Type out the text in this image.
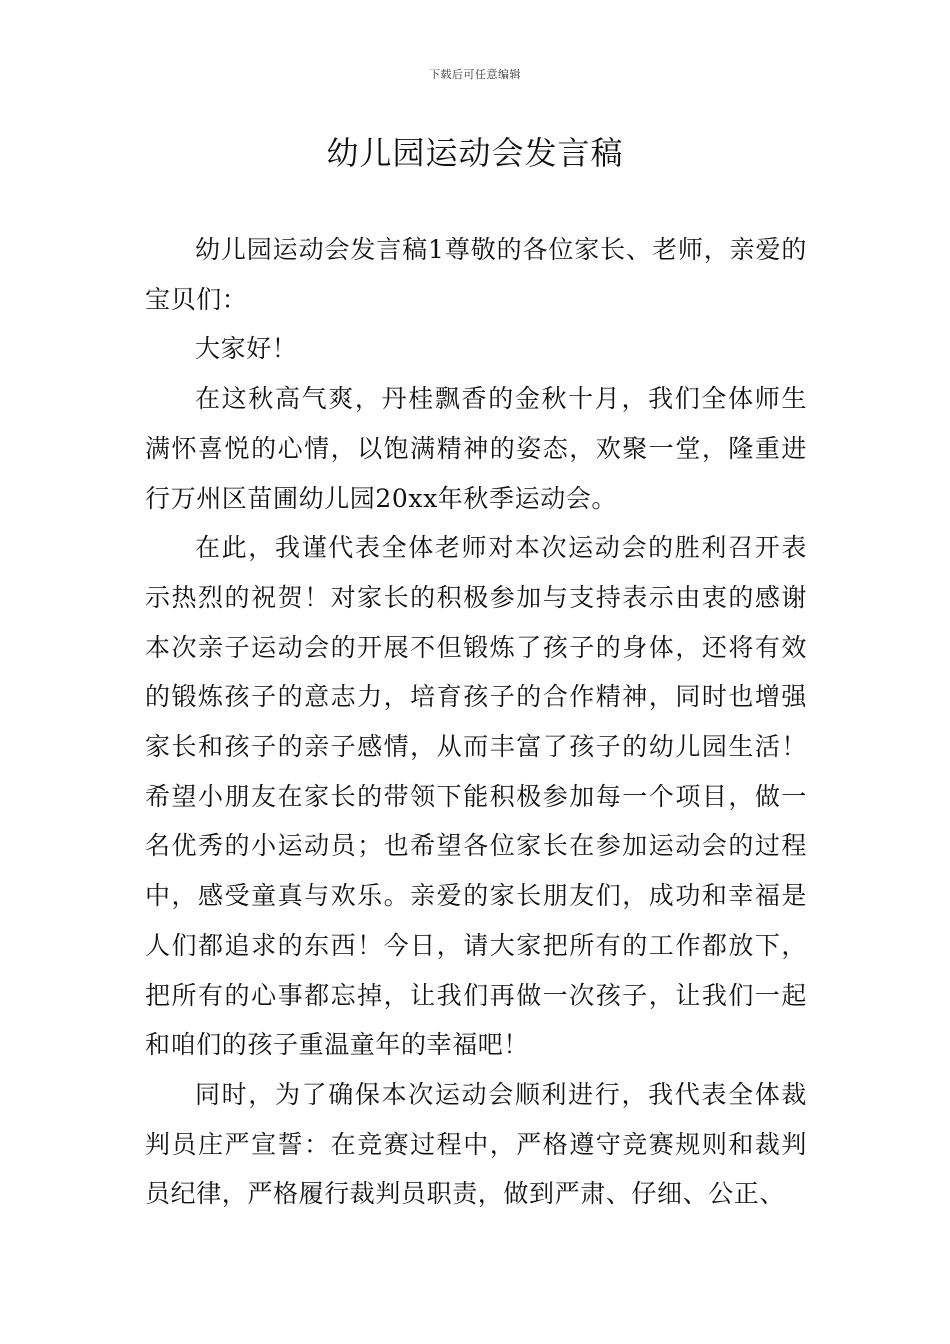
下载后可任意编辑
幼儿园运动会发言稿

幼儿园运动会发言稿1尊敬的各位家长、老师，亲爱的宝贝们：

大家好！

在这秋高气爽，丹桂飘香的金秋十月，我们全体师生满怀喜悦的心情，以饱满精神的姿态，欢聚一堂，隆重进行万州区苗圃幼儿园20xx年秋季运动会。

在此，我谨代表全体老师对本次运动会的胜利召开表示热烈的祝贺！对家长的积极参加与支持表示由衷的感谢本次亲子运动会的开展不但锻炼了孩子的身体，还将有效的锻炼孩子的意志力，培育孩子的合作精神，同时也增强家长和孩子的亲子感情，从而丰富了孩子的幼儿园生活！希望小朋友在家长的带领下能积极参加每一个项目，做一名优秀的小运动员；也希望各位家长在参加运动会的过程中，感受童真与欢乐。亲爱的家长朋友们，成功和幸福是人们都追求的东西！今日，请大家把所有的工作都放下，把所有的心事都忘掉，让我们再做一次孩子，让我们一起和咱们的孩子重温童年的幸福吧！

同时，为了确保本次运动会顺利进行，我代表全体裁判员庄严宣誓：在竞赛过程中，严格遵守竞赛规则和裁判员纪律，严格履行裁判员职责，做到严肃、仔细、公正、
